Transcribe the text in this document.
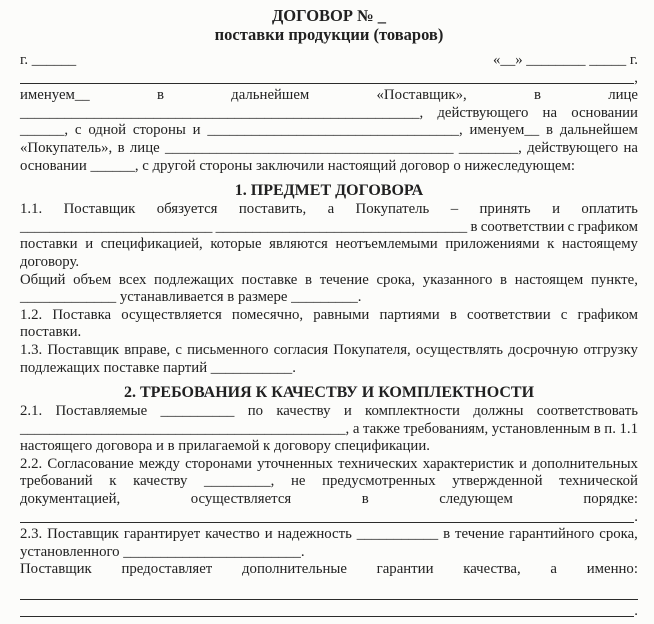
ДОГОВОР № _
поставки продукции (товаров)
г. ______	«__» ________ _____ г.
,
именуем__	в	дальнейшем	«Поставщик»,	в	лице
______________________________________________________, действующего на основании
______, с одной стороны и __________________________________, именуем__ в дальнейшем
«Покупатель», в лице _______________________________________ ________, действующего на
основании ______, с другой стороны заключили настоящий договор о нижеследующем:
1. ПРЕДМЕТ ДОГОВОРА
1.1. Поставщик обязуется поставить, а Покупатель – принять и оплатить
__________________________ __________________________________ в соответствии с графиком
поставки и спецификацией, которые являются неотъемлемыми приложениями к настоящему
договору.
Общий объем всех подлежащих поставке в течение срока, указанного в настоящем пункте,
_____________ устанавливается в размере _________.
1.2. Поставка осуществляется помесячно, равными партиями в соответствии с графиком
поставки.
1.3. Поставщик вправе, с письменного согласия Покупателя, осуществлять досрочную отгрузку
подлежащих поставке партий ___________.
2. ТРЕБОВАНИЯ К КАЧЕСТВУ И КОМПЛЕКТНОСТИ
2.1. Поставляемые __________ по качеству и комплектности должны соответствовать
____________________________________________, а также требованиям, установленным в п. 1.1
настоящего договора и в прилагаемой к договору спецификации.
2.2. Согласование между сторонами уточненных технических характеристик и дополнительных
требований к качеству _________, не предусмотренных утвержденной технической
документацией,	осуществляется	в	следующем	порядке:
.
2.3. Поставщик гарантирует качество и надежность ___________ в течение гарантийного срока,
установленного ________________________.
Поставщик предоставляет дополнительные гарантии качества, а именно:
.
